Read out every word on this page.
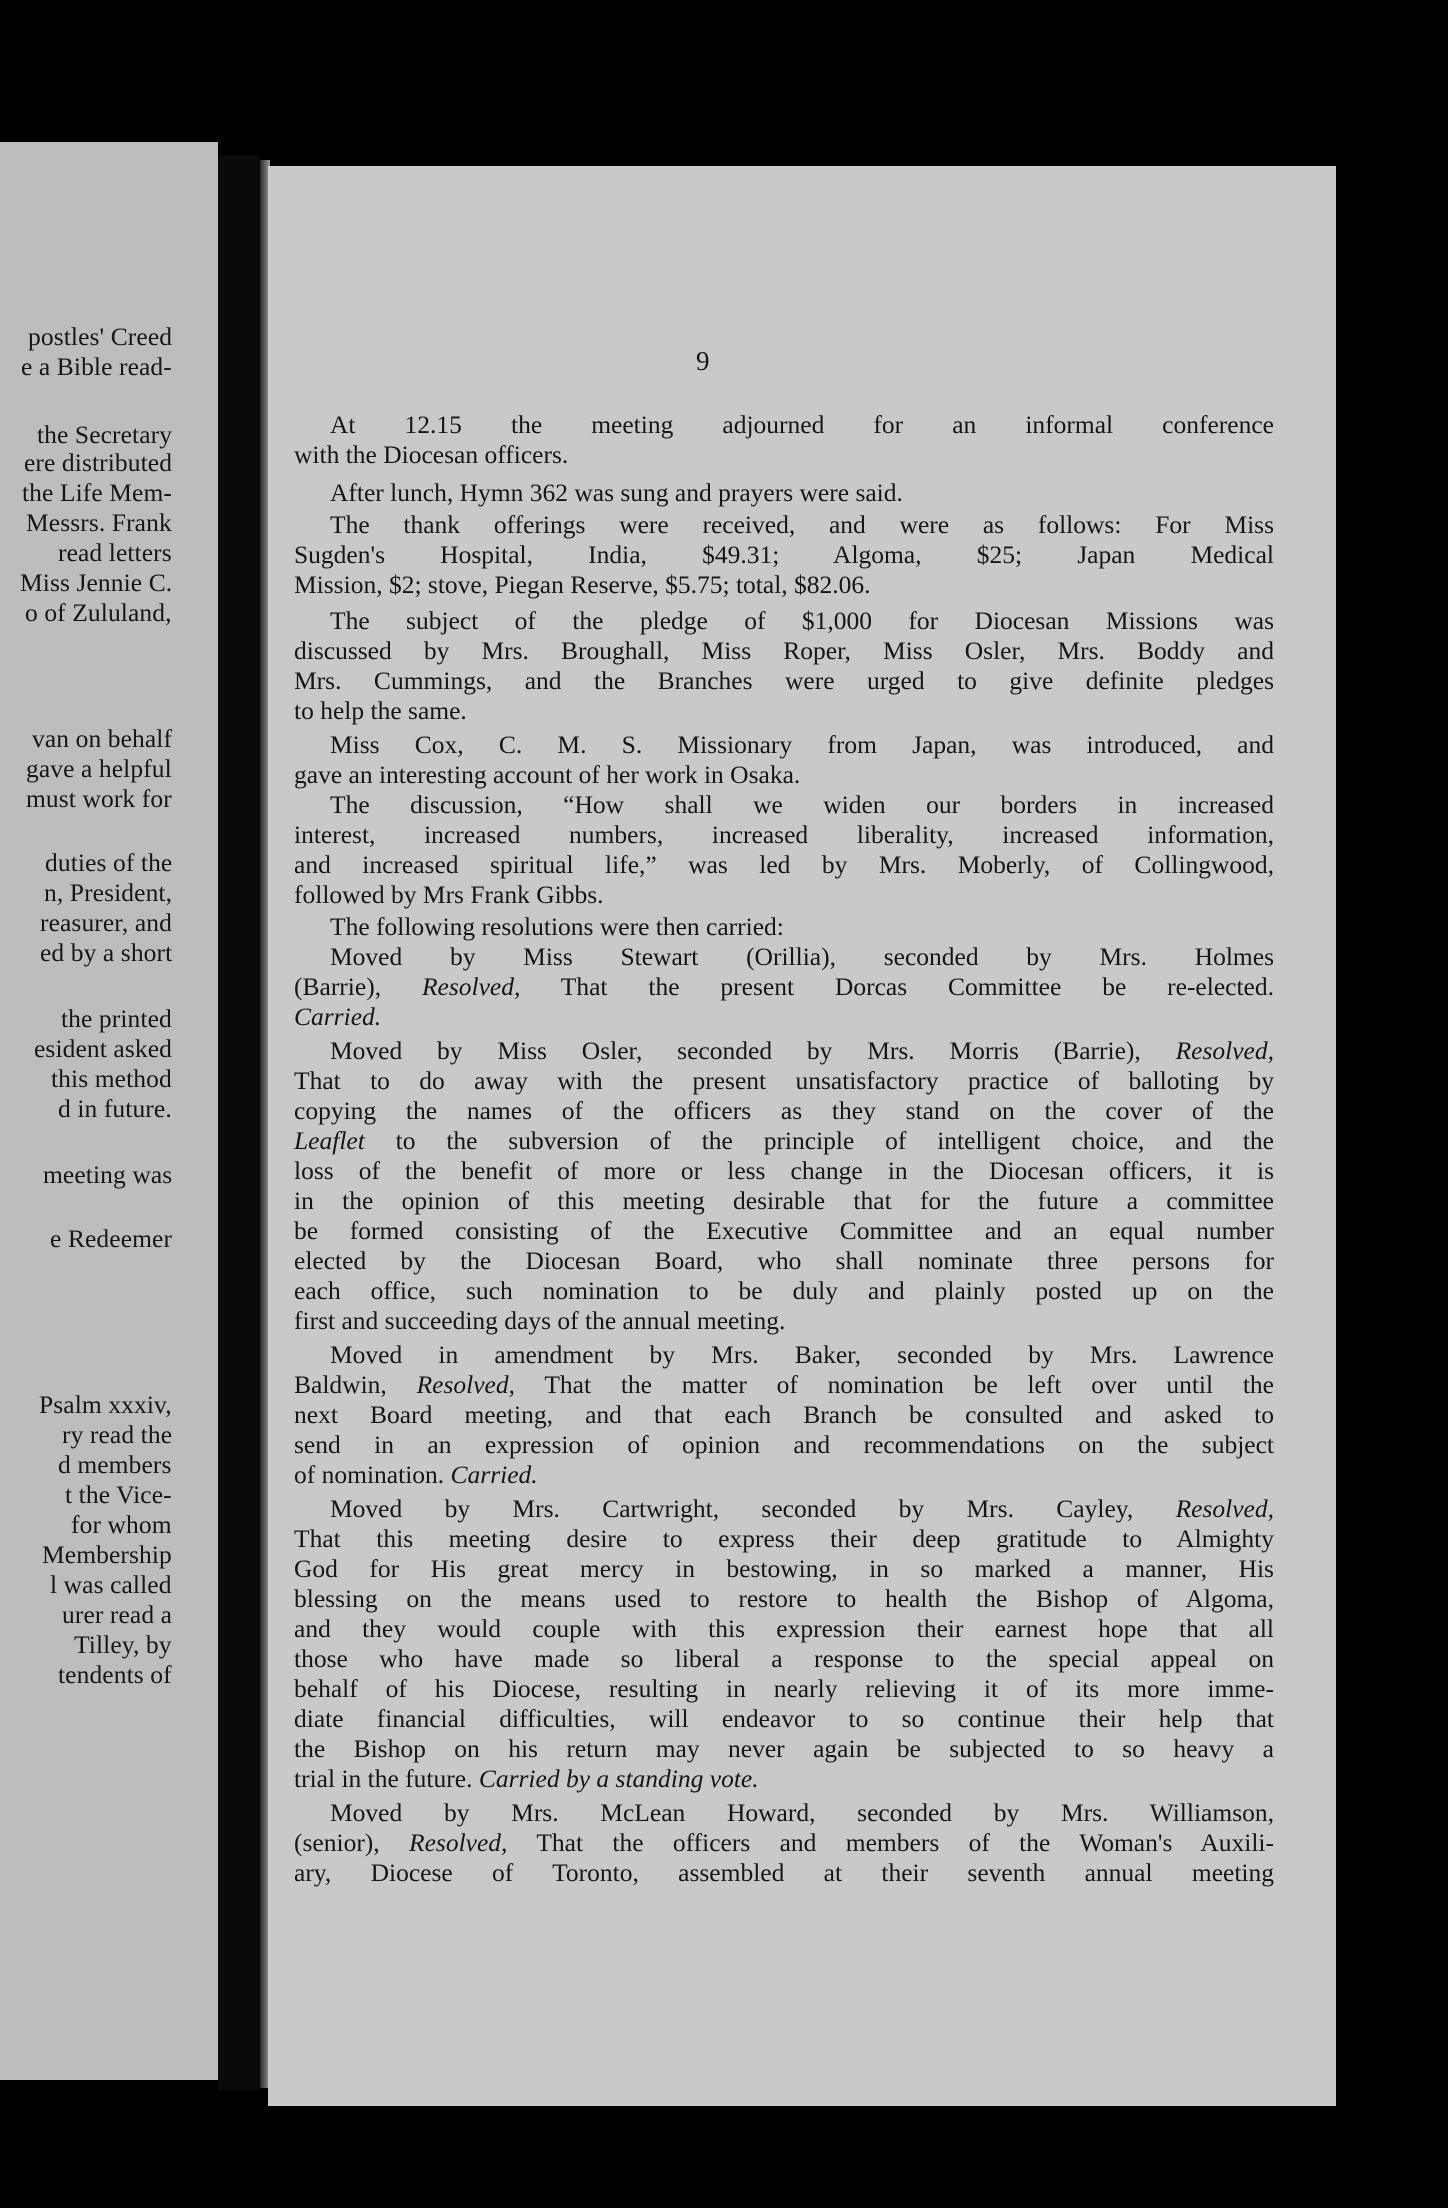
postles' Creed
e a Bible read-
the Secretary
ere distributed
the Life Mem-
Messrs. Frank
read letters
Miss Jennie C.
o of Zululand,
van on behalf
gave a helpful
must work for
duties of the
n, President,
reasurer, and
ed by a short
the printed
esident asked
this method
d in future.
meeting was
e Redeemer
Psalm xxxiv,
ry read the
d members
t the Vice-
for whom
Membership
l was called
urer read a
Tilley, by
tendents of
9
At 12.15 the meeting adjourned for an informal conference
with the Diocesan officers.
After lunch, Hymn 362 was sung and prayers were said.
The thank offerings were received, and were as follows: For Miss
Sugden's Hospital, India, $49.31; Algoma, $25; Japan Medical
Mission, $2; stove, Piegan Reserve, $5.75; total, $82.06.
The subject of the pledge of $1,000 for Diocesan Missions was
discussed by Mrs. Broughall, Miss Roper, Miss Osler, Mrs. Boddy and
Mrs. Cummings, and the Branches were urged to give definite pledges
to help the same.
Miss Cox, C. M. S. Missionary from Japan, was introduced, and
gave an interesting account of her work in Osaka.
The discussion, “How shall we widen our borders in increased
interest, increased numbers, increased liberality, increased information,
and increased spiritual life,” was led by Mrs. Moberly, of Collingwood,
followed by Mrs Frank Gibbs.
The following resolutions were then carried:
Moved by Miss Stewart (Orillia), seconded by Mrs. Holmes
(Barrie), Resolved, That the present Dorcas Committee be re-elected.
Carried.
Moved by Miss Osler, seconded by Mrs. Morris (Barrie), Resolved,
That to do away with the present unsatisfactory practice of balloting by
copying the names of the officers as they stand on the cover of the
Leaflet to the subversion of the principle of intelligent choice, and the
loss of the benefit of more or less change in the Diocesan officers, it is
in the opinion of this meeting desirable that for the future a committee
be formed consisting of the Executive Committee and an equal number
elected by the Diocesan Board, who shall nominate three persons for
each office, such nomination to be duly and plainly posted up on the
first and succeeding days of the annual meeting.
Moved in amendment by Mrs. Baker, seconded by Mrs. Lawrence
Baldwin, Resolved, That the matter of nomination be left over until the
next Board meeting, and that each Branch be consulted and asked to
send in an expression of opinion and recommendations on the subject
of nomination. Carried.
Moved by Mrs. Cartwright, seconded by Mrs. Cayley, Resolved,
That this meeting desire to express their deep gratitude to Almighty
God for His great mercy in bestowing, in so marked a manner, His
blessing on the means used to restore to health the Bishop of Algoma,
and they would couple with this expression their earnest hope that all
those who have made so liberal a response to the special appeal on
behalf of his Diocese, resulting in nearly relieving it of its more imme-
diate financial difficulties, will endeavor to so continue their help that
the Bishop on his return may never again be subjected to so heavy a
trial in the future. Carried by a standing vote.
Moved by Mrs. McLean Howard, seconded by Mrs. Williamson,
(senior), Resolved, That the officers and members of the Woman's Auxili-
ary, Diocese of Toronto, assembled at their seventh annual meeting
